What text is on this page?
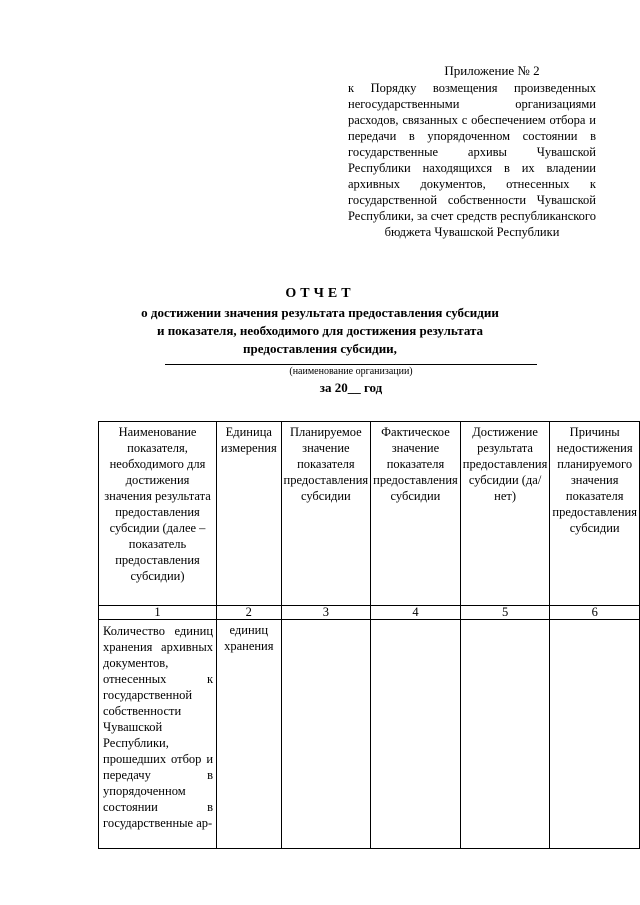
Приложение № 2
к Порядку возмещения произведенных негосударственными организациями расходов, связанных с обеспечением отбора и передачи в упорядоченном состоянии в государственные архивы Чувашской Республики находящихся в их владении архивных документов, отнесенных к государственной собственности Чувашской Республики, за счет средств республиканского бюджета Чувашской Республики
ОТЧЕТ
о достижении значения результата предоставления субсидии
и показателя, необходимого для достижения результата
предоставления субсидии,
(наименование организации)
за 20__ год
Наименование показателя, необходимого для достижения значения результата предоставления субсидии (далее – показатель предоставления субсидии)	Единица измерения	Планируемое значение показателя предоставления субсидии	Фактическое значение показателя предоставления субсидии	Достижение результата предоставления субсидии (да/нет)	Причины недостижения планируемого значения показателя предоставления субсидии
1	2	3	4	5	6
Количество единиц хранения архивных документов, отнесенных к государственной собственности Чувашской Республики, прошедших отбор и передачу в упорядоченном состоянии в государственные ар-	единиц хранения				
